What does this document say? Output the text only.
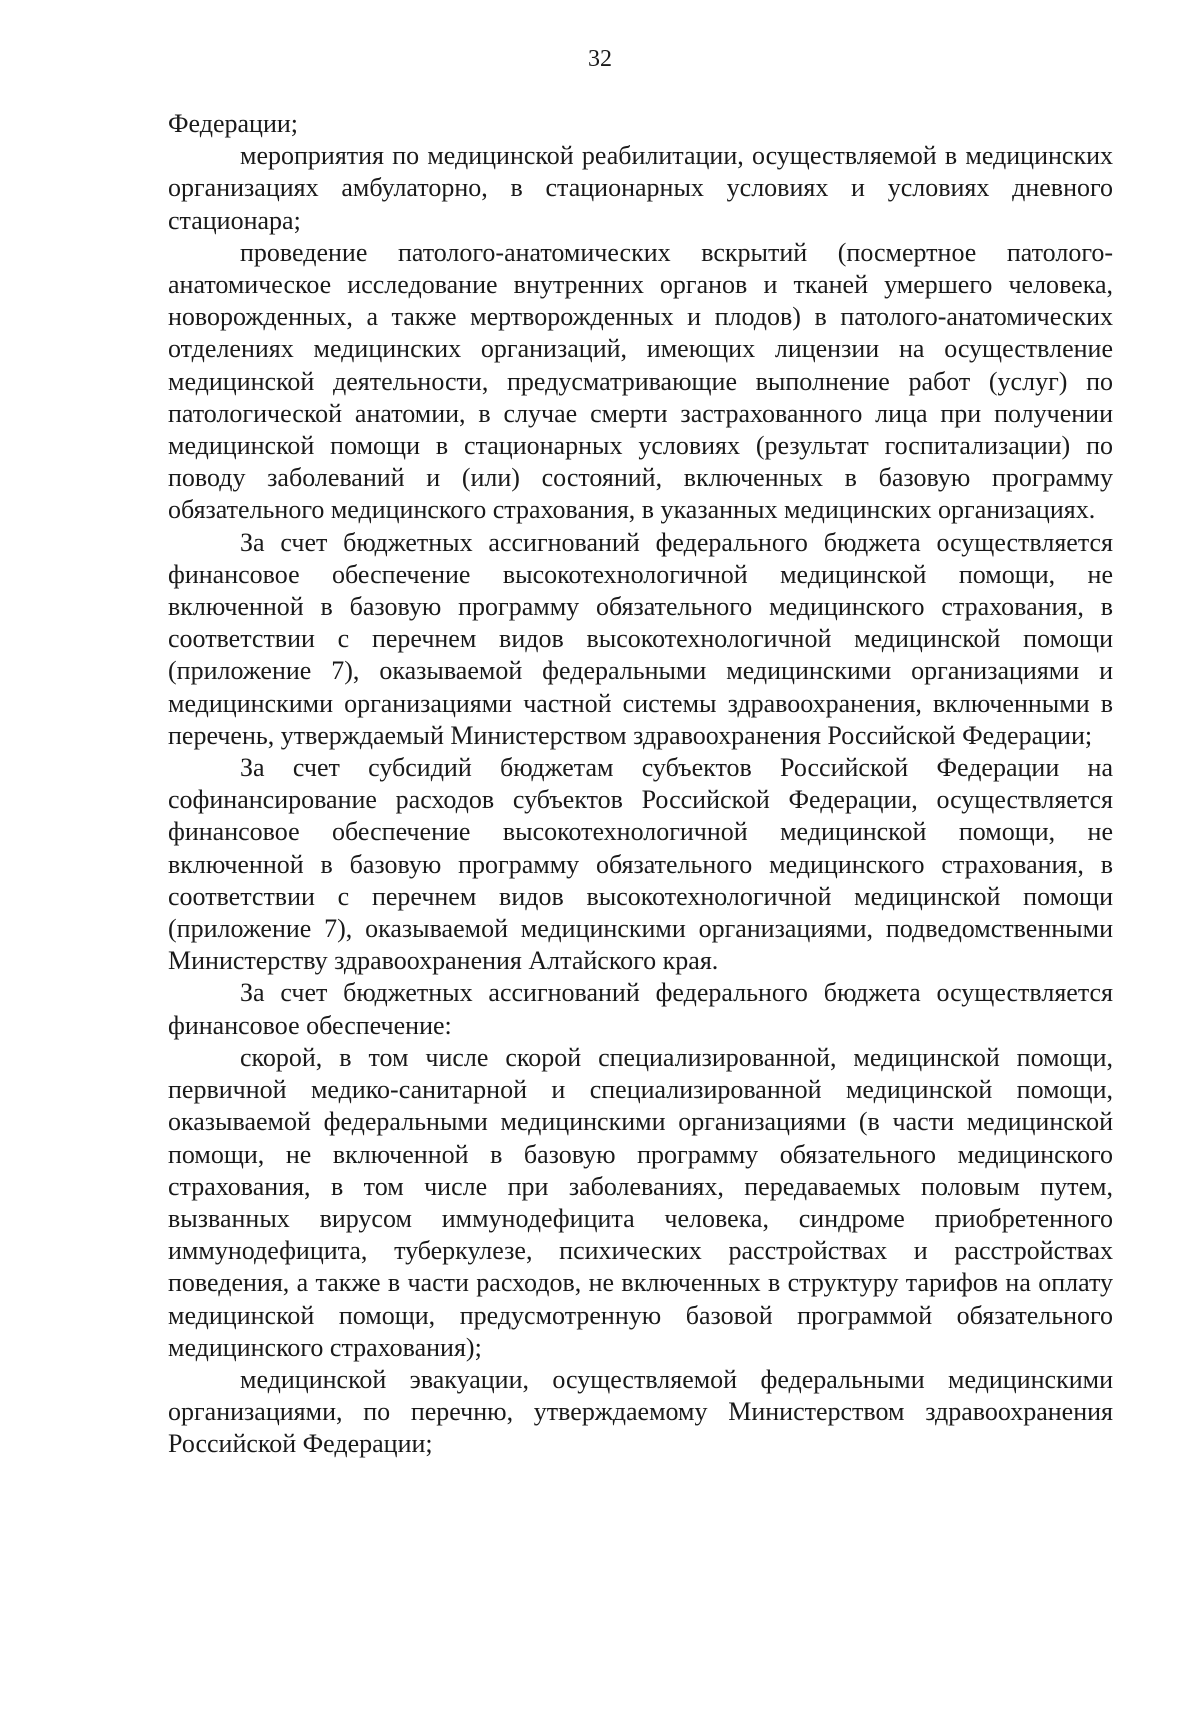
32

Федерации;

мероприятия по медицинской реабилитации, осуществляемой в медицинских организациях амбулаторно, в стационарных условиях и условиях дневного стационара;

проведение патолого-анатомических вскрытий (посмертное патолого-анатомическое исследование внутренних органов и тканей умершего человека, новорожденных, а также мертворожденных и плодов) в патолого-анатомических отделениях медицинских организаций, имеющих лицензии на осуществление медицинской деятельности, предусматривающие выполнение работ (услуг) по патологической анатомии, в случае смерти застрахованного лица при получении медицинской помощи в стационарных условиях (результат госпитализации) по поводу заболеваний и (или) состояний, включенных в базовую программу обязательного медицинского страхования, в указанных медицинских организациях.

За счет бюджетных ассигнований федерального бюджета осуществляется финансовое обеспечение высокотехнологичной медицинской помощи, не включенной в базовую программу обязательного медицинского страхования, в соответствии с перечнем видов высокотехнологичной медицинской помощи (приложение 7), оказываемой федеральными медицинскими организациями и медицинскими организациями частной системы здравоохранения, включенными в перечень, утверждаемый Министерством здравоохранения Российской Федерации;

За счет субсидий бюджетам субъектов Российской Федерации на софинансирование расходов субъектов Российской Федерации, осуществляется финансовое обеспечение высокотехнологичной медицинской помощи, не включенной в базовую программу обязательного медицинского страхования, в соответствии с перечнем видов высокотехнологичной медицинской помощи (приложение 7), оказываемой медицинскими организациями, подведомственными Министерству здравоохранения Алтайского края.

За счет бюджетных ассигнований федерального бюджета осуществляется финансовое обеспечение:

скорой, в том числе скорой специализированной, медицинской помощи, первичной медико-санитарной и специализированной медицинской помощи, оказываемой федеральными медицинскими организациями (в части медицинской помощи, не включенной в базовую программу обязательного медицинского страхования, в том числе при заболеваниях, передаваемых половым путем, вызванных вирусом иммунодефицита человека, синдроме приобретенного иммунодефицита, туберкулезе, психических расстройствах и расстройствах поведения, а также в части расходов, не включенных в структуру тарифов на оплату медицинской помощи, предусмотренную базовой программой обязательного медицинского страхования);

медицинской эвакуации, осуществляемой федеральными медицинскими организациями, по перечню, утверждаемому Министерством здравоохранения Российской Федерации;
